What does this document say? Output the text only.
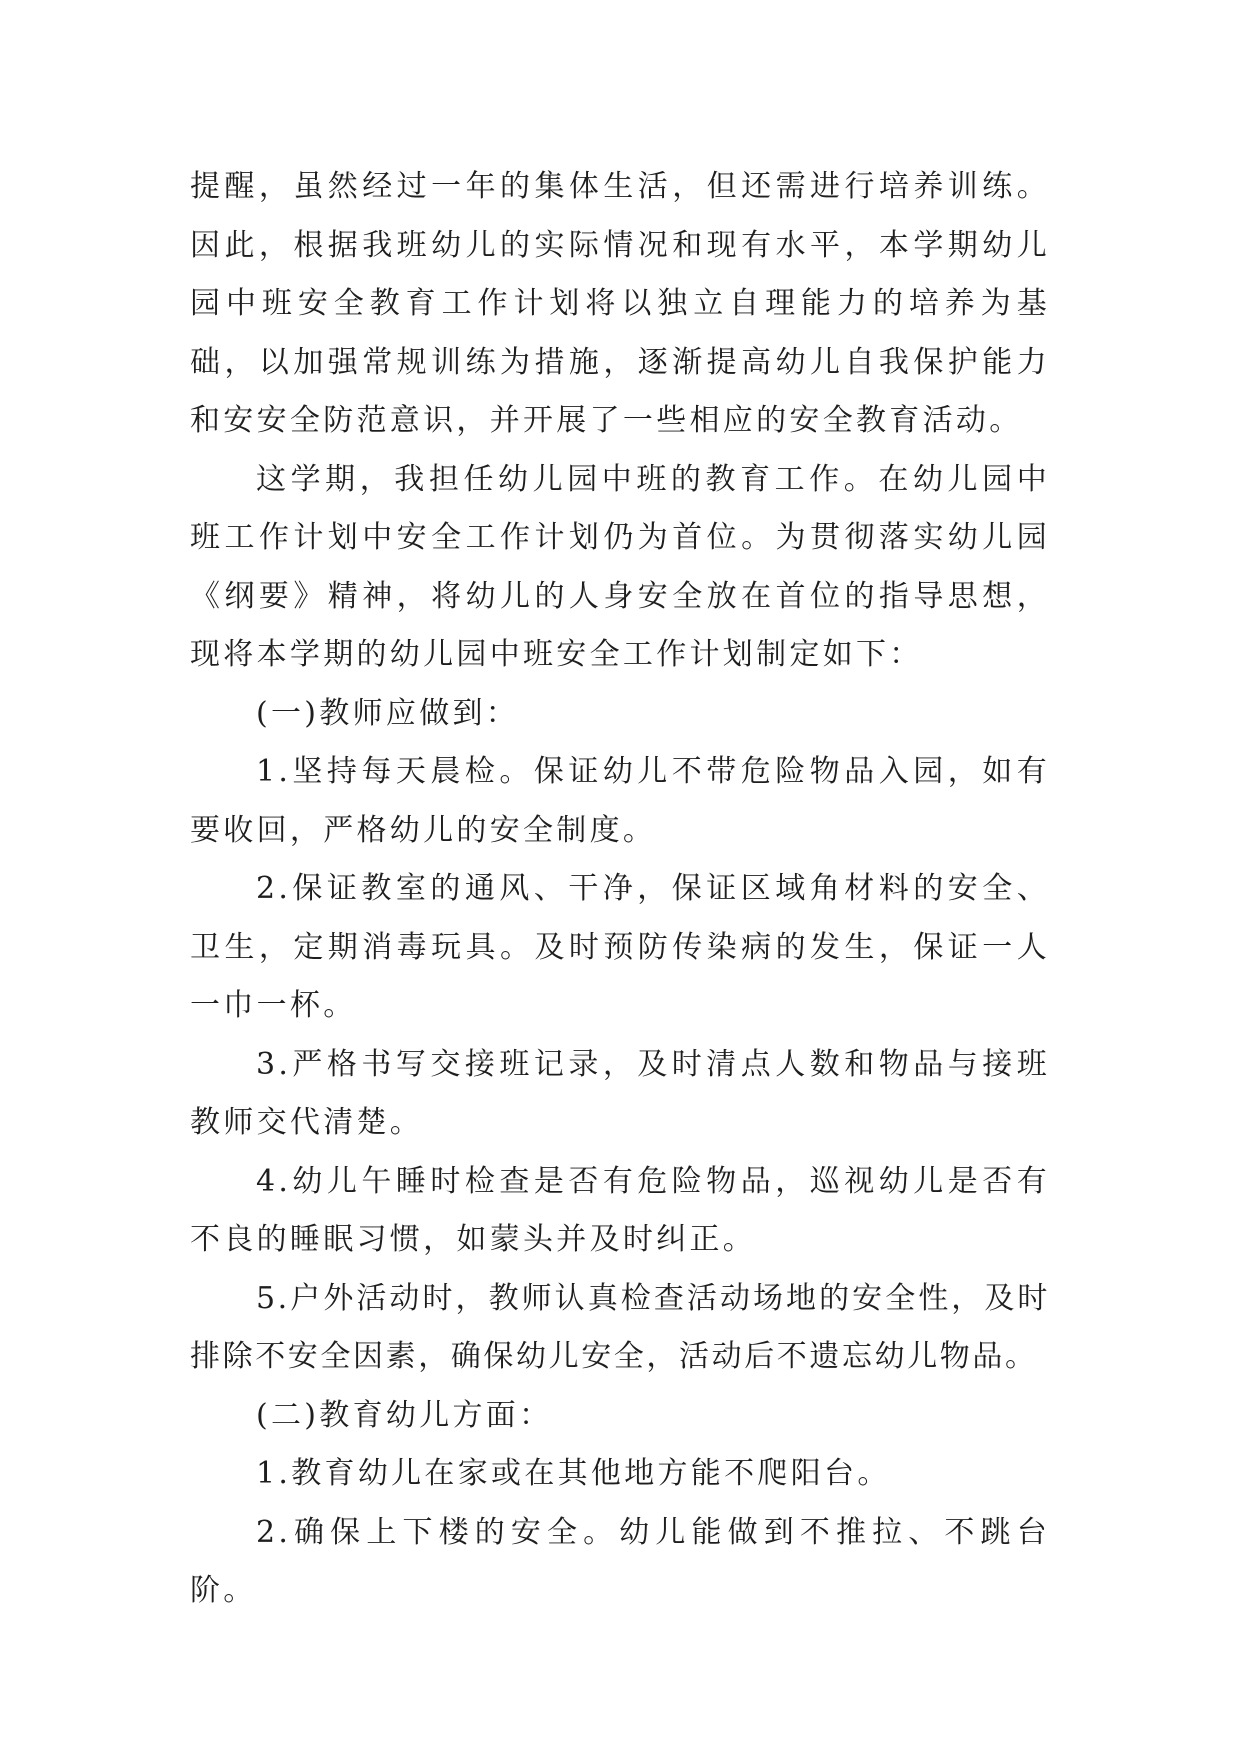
提醒，虽然经过一年的集体生活，但还需进行培养训练。因此，根据我班幼儿的实际情况和现有水平，本学期幼儿园中班安全教育工作计划将以独立自理能力的培养为基础，以加强常规训练为措施，逐渐提高幼儿自我保护能力和安安全防范意识，并开展了一些相应的安全教育活动。

这学期，我担任幼儿园中班的教育工作。在幼儿园中班工作计划中安全工作计划仍为首位。为贯彻落实幼儿园《纲要》精神，将幼儿的人身安全放在首位的指导思想，现将本学期的幼儿园中班安全工作计划制定如下：

(一)教师应做到：

1.坚持每天晨检。保证幼儿不带危险物品入园，如有要收回，严格幼儿的安全制度。

2.保证教室的通风、干净，保证区域角材料的安全、卫生，定期消毒玩具。及时预防传染病的发生，保证一人一巾一杯。

3.严格书写交接班记录，及时清点人数和物品与接班教师交代清楚。

4.幼儿午睡时检查是否有危险物品，巡视幼儿是否有不良的睡眠习惯，如蒙头并及时纠正。

5.户外活动时，教师认真检查活动场地的安全性，及时排除不安全因素，确保幼儿安全，活动后不遗忘幼儿物品。

(二)教育幼儿方面：

1.教育幼儿在家或在其他地方能不爬阳台。

2.确保上下楼的安全。幼儿能做到不推拉、不跳台阶。
